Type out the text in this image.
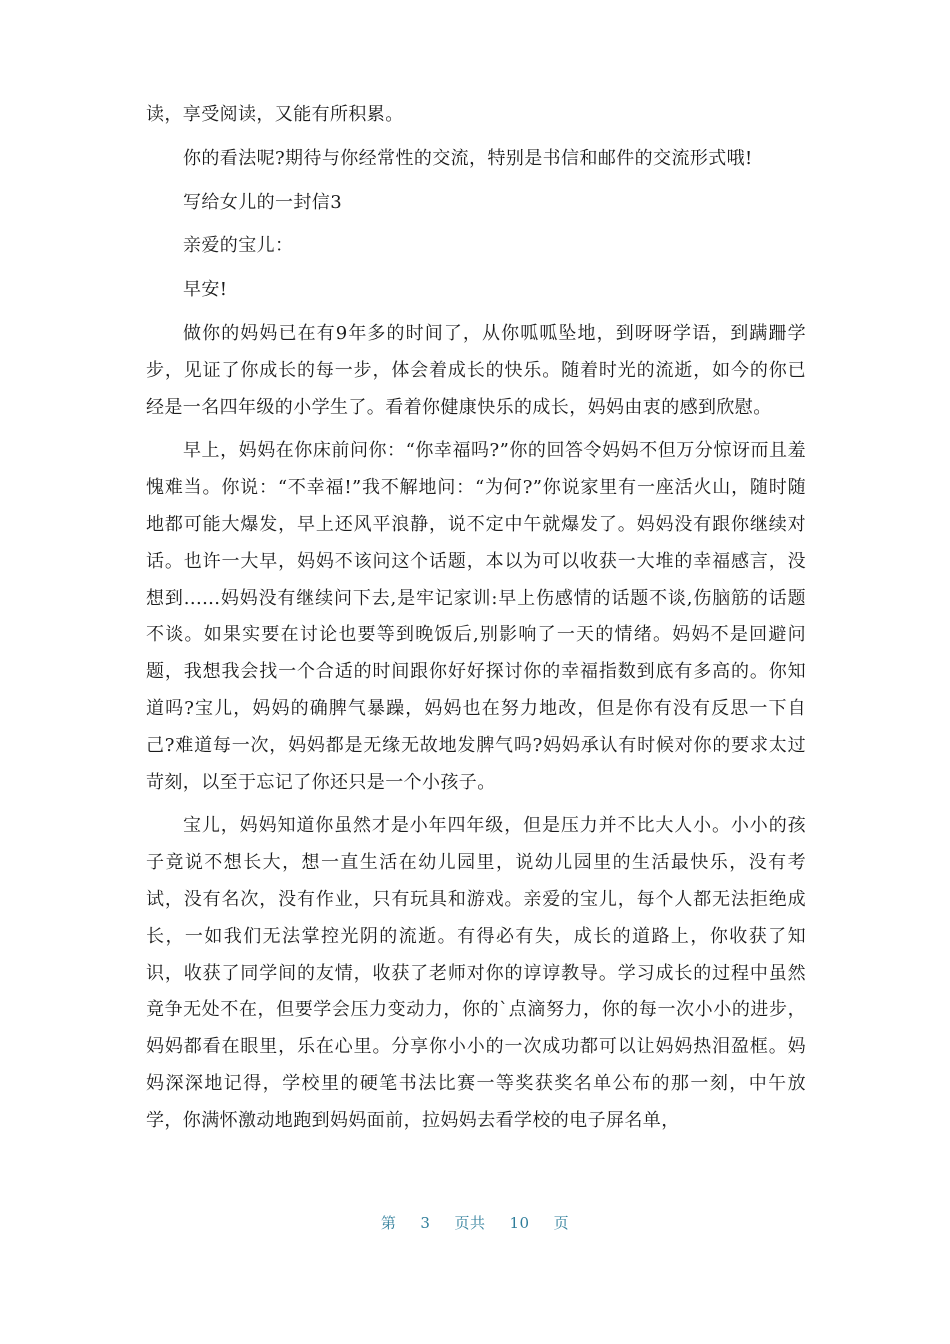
读，享受阅读，又能有所积累。

你的看法呢?期待与你经常性的交流，特别是书信和邮件的交流形式哦!

写给女儿的一封信3

亲爱的宝儿：

早安!

做你的妈妈已在有9年多的时间了，从你呱呱坠地，到呀呀学语，到蹒跚学步，见证了你成长的每一步，体会着成长的快乐。随着时光的流逝，如今的你已经是一名四年级的小学生了。看着你健康快乐的成长，妈妈由衷的感到欣慰。

早上，妈妈在你床前问你：“你幸福吗?”你的回答令妈妈不但万分惊讶而且羞愧难当。你说：“不幸福!”我不解地问：“为何?”你说家里有一座活火山，随时随地都可能大爆发，早上还风平浪静，说不定中午就爆发了。妈妈没有跟你继续对话。也许一大早，妈妈不该问这个话题，本以为可以收获一大堆的幸福感言，没想到......妈妈没有继续问下去,是牢记家训:早上伤感情的话题不谈,伤脑筋的话题不谈。如果实要在讨论也要等到晚饭后,别影响了一天的情绪。妈妈不是回避问题，我想我会找一个合适的时间跟你好好探讨你的幸福指数到底有多高的。你知道吗?宝儿，妈妈的确脾气暴躁，妈妈也在努力地改，但是你有没有反思一下自己?难道每一次，妈妈都是无缘无故地发脾气吗?妈妈承认有时候对你的要求太过苛刻，以至于忘记了你还只是一个小孩子。

宝儿，妈妈知道你虽然才是小年四年级，但是压力并不比大人小。小小的孩子竟说不想长大，想一直生活在幼儿园里，说幼儿园里的生活最快乐，没有考试，没有名次，没有作业，只有玩具和游戏。亲爱的宝儿，每个人都无法拒绝成长，一如我们无法掌控光阴的流逝。有得必有失，成长的道路上，你收获了知识，收获了同学间的友情，收获了老师对你的谆谆教导。学习成长的过程中虽然竟争无处不在，但要学会压力变动力，你的`点滴努力，你的每一次小小的进步，妈妈都看在眼里，乐在心里。分享你小小的一次成功都可以让妈妈热泪盈框。妈妈深深地记得，学校里的硬笔书法比赛一等奖获奖名单公布的那一刻，中午放学，你满怀激动地跑到妈妈面前，拉妈妈去看学校的电子屏名单，

第 3 页共 10 页
